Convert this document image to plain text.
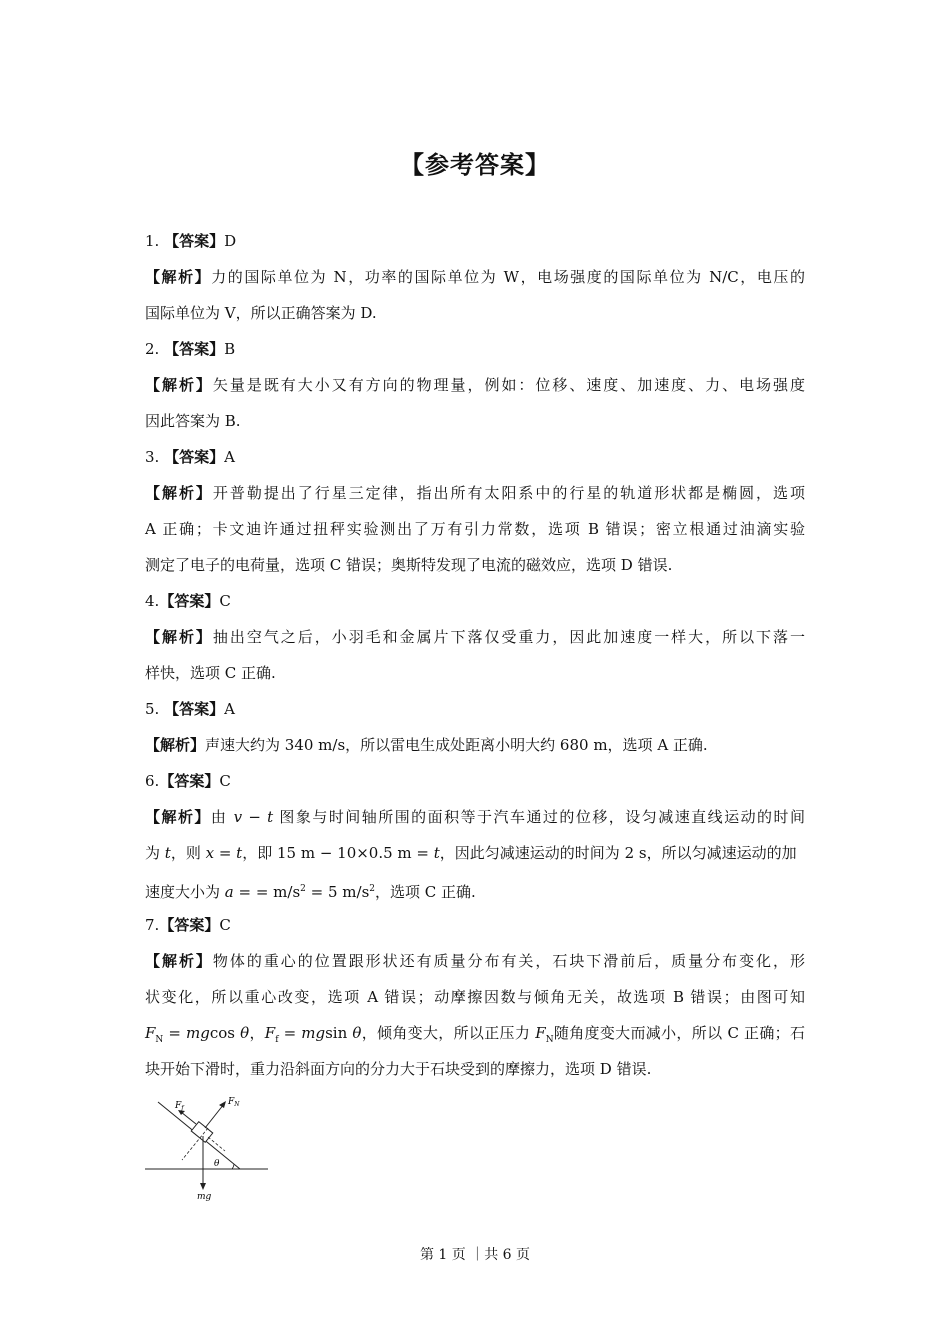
【参考答案】
1. 【答案】D
【解析】力的国际单位为 N，功率的国际单位为 W，电场强度的国际单位为 N/C，电压的
国际单位为 V，所以正确答案为 D.
2. 【答案】B
【解析】矢量是既有大小又有方向的物理量，例如：位移、速度、加速度、力、电场强度
因此答案为 B.
3. 【答案】A
【解析】开普勒提出了行星三定律，指出所有太阳系中的行星的轨道形状都是椭圆，选项
A 正确；卡文迪许通过扭秤实验测出了万有引力常数，选项 B 错误；密立根通过油滴实验
测定了电子的电荷量，选项 C 错误；奥斯特发现了电流的磁效应，选项 D 错误.
4.【答案】C
【解析】抽出空气之后，小羽毛和金属片下落仅受重力，因此加速度一样大，所以下落一
样快，选项 C 正确.
5. 【答案】A
【解析】声速大约为 340 m/s，所以雷电生成处距离小明大约 680 m，选项 A 正确.
6.【答案】C
【解析】由 v − t 图象与时间轴所围的面积等于汽车通过的位移，设匀减速直线运动的时间
为 t，则 x = t，即 15 m − 10×0.5 m = t，因此匀减速运动的时间为 2 s，所以匀减速运动的加
速度大小为 a = = $m/s^2 = 5$ $m/s^2$，选项 C 正确.
7.【答案】C
【解析】物体的重心的位置跟形状还有质量分布有关，石块下滑前后，质量分布变化，形
状变化，所以重心改变，选项 A 错误；动摩擦因数与倾角无关，故选项 B 错误；由图可知
$F_N = mgcos$ θ，$F_f = mgsin$ θ，倾角变大，所以正压力 $F_N$随角度变大而减小，所以 C 正确；石
块开始下滑时，重力沿斜面方向的分力大于石块受到的摩擦力，选项 D 错误.
$F_f$
$F_N$
θ
mg
第 1 页 ｜共 6 页
